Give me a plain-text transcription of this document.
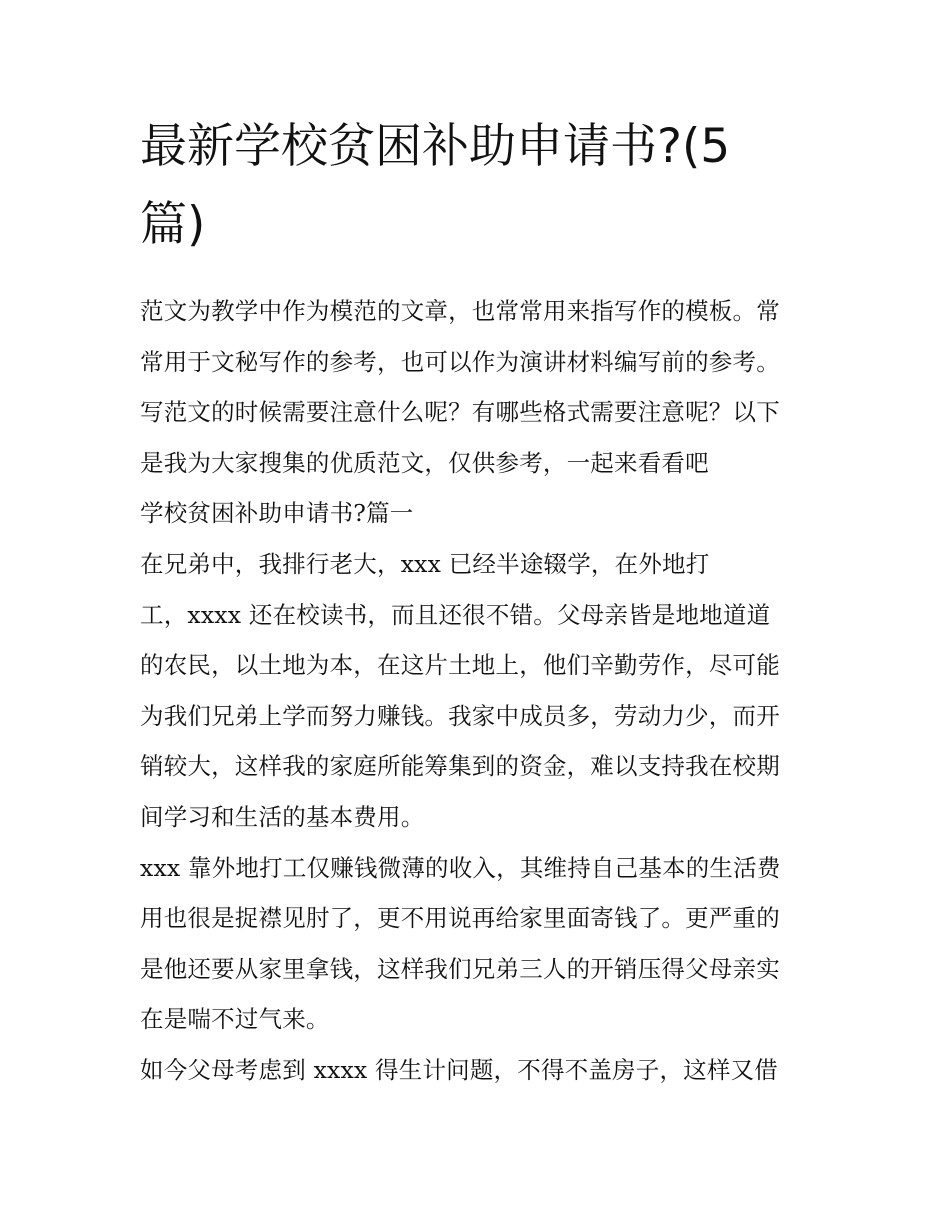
最新学校贫困补助申请书?(5
篇)
范文为教学中作为模范的文章，也常常用来指写作的模板。常
常用于文秘写作的参考，也可以作为演讲材料编写前的参考。
写范文的时候需要注意什么呢？有哪些格式需要注意呢？以下
是我为大家搜集的优质范文，仅供参考，一起来看看吧
学校贫困补助申请书?篇一
在兄弟中，我排行老大，xxx 已经半途辍学，在外地打
工，xxxx 还在校读书，而且还很不错。父母亲皆是地地道道
的农民，以土地为本，在这片土地上，他们辛勤劳作，尽可能
为我们兄弟上学而努力赚钱。我家中成员多，劳动力少，而开
销较大，这样我的家庭所能筹集到的资金，难以支持我在校期
间学习和生活的基本费用。
xxx 靠外地打工仅赚钱微薄的收入，其维持自己基本的生活费
用也很是捉襟见肘了，更不用说再给家里面寄钱了。更严重的
是他还要从家里拿钱，这样我们兄弟三人的开销压得父母亲实
在是喘不过气来。
如今父母考虑到 xxxx 得生计问题，不得不盖房子，这样又借
